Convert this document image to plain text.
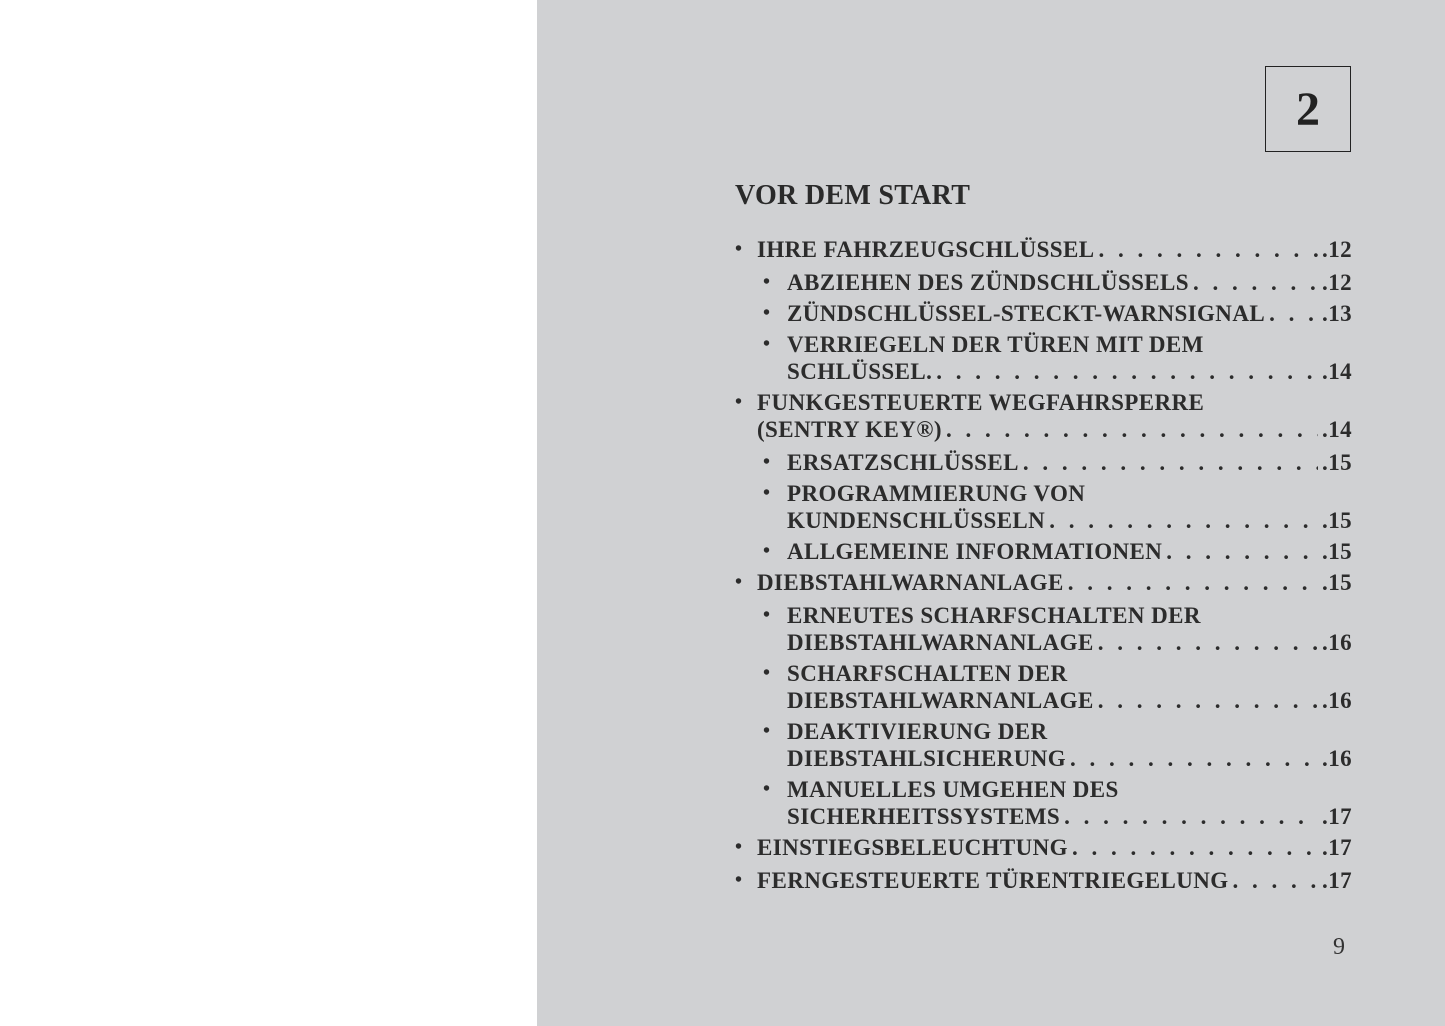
2
VOR DEM START
• IHRE FAHRZEUGSCHLÜSSEL . . .	.12
• ABZIEHEN DES ZÜNDSCHLÜSSELS . . .	.12
• ZÜNDSCHLÜSSEL-STECKT-WARNSIGNAL . . . .13
• VERRIEGELN DER TÜREN MIT DEM
SCHLÜSSEL. . . .	.14
• FUNKGESTEUERTE WEGFAHRSPERRE
(SENTRY KEY®) . . .	.14
• ERSATZSCHLÜSSEL . . .	.15
• PROGRAMMIERUNG VON
KUNDENSCHLÜSSELN . . .	.15
• ALLGEMEINE INFORMATIONEN . . .	.15
• DIEBSTAHLWARNANLAGE . . .	.15
• ERNEUTES SCHARFSCHALTEN DER
DIEBSTAHLWARNANLAGE . . .	.16
• SCHARFSCHALTEN DER
DIEBSTAHLWARNANLAGE . . .	.16
• DEAKTIVIERUNG DER
DIEBSTAHLSICHERUNG . . .	.16
• MANUELLES UMGEHEN DES
SICHERHEITSSYSTEMS . . .	.17
• EINSTIEGSBELEUCHTUNG . . .	.17
• FERNGESTEUERTE TÜRENTRIEGELUNG . . .	.17
9
